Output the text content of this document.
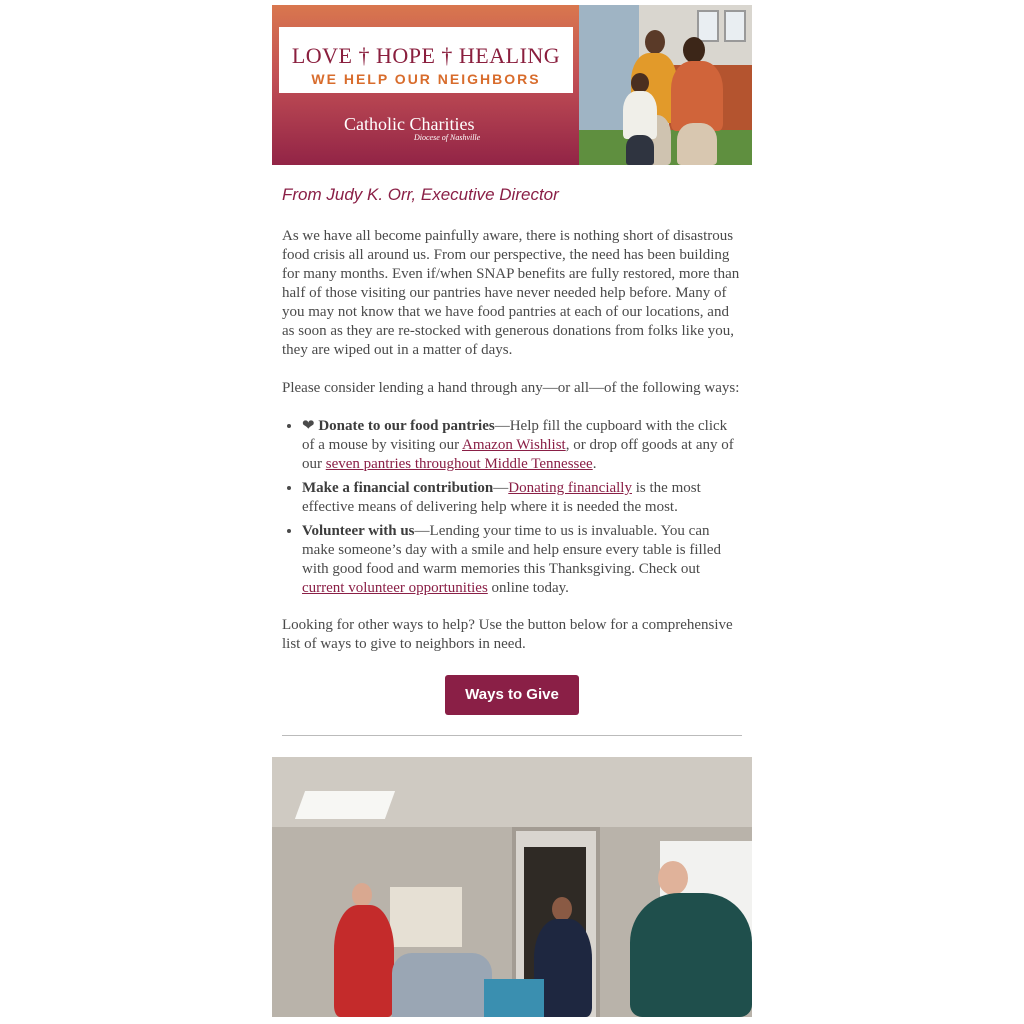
LOVE † HOPE † HEALING
WE HELP OUR NEIGHBORS
Catholic Charities
Diocese of Nashville
From Judy K. Orr, Executive Director

As we have all become painfully aware, there is nothing short of disastrous food crisis all around us. From our perspective, the need has been building for many months. Even if/when SNAP benefits are fully restored, more than half of those visiting our pantries have never needed help before. Many of you may not know that we have food pantries at each of our locations, and as soon as they are re-stocked with generous donations from folks like you, they are wiped out in a matter of days.

Please consider lending a hand through any—or all—of the following ways:

• ❤ Donate to our food pantries—Help fill the cupboard with the click of a mouse by visiting our Amazon Wishlist, or drop off goods at any of our seven pantries throughout Middle Tennessee.
• Make a financial contribution—Donating financially is the most effective means of delivering help where it is needed the most.
• Volunteer with us—Lending your time to us is invaluable. You can make someone’s day with a smile and help ensure every table is filled with good food and warm memories this Thanksgiving. Check out current volunteer opportunities online today.

Looking for other ways to help? Use the button below for a comprehensive list of ways to give to neighbors in need.

Ways to Give
